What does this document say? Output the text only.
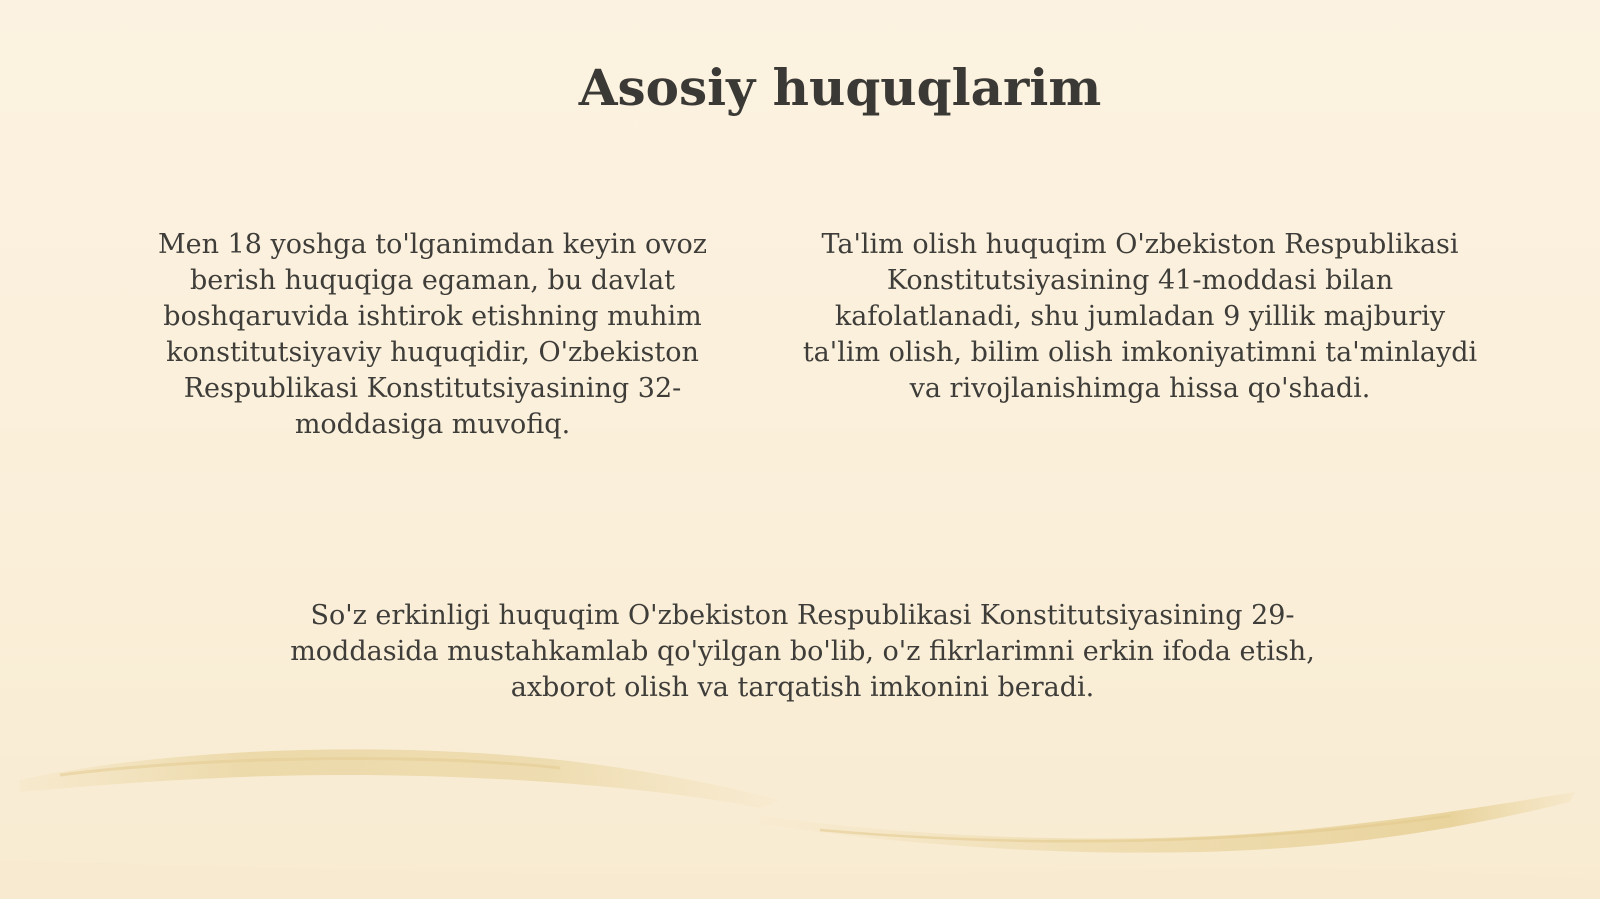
Asosiy huquqlarim

Men 18 yoshga to'lganimdan keyin ovoz berish huquqiga egaman, bu davlat boshqaruvida ishtirok etishning muhim konstitutsiyaviy huquqidir, O'zbekiston Respublikasi Konstitutsiyasining 32-moddasiga muvofiq.

Ta'lim olish huquqim O'zbekiston Respublikasi Konstitutsiyasining 41-moddasi bilan kafolatlanadi, shu jumladan 9 yillik majburiy ta'lim olish, bilim olish imkoniyatimni ta'minlaydi va rivojlanishimga hissa qo'shadi.

So'z erkinligi huquqim O'zbekiston Respublikasi Konstitutsiyasining 29-moddasida mustahkamlab qo'yilgan bo'lib, o'z fikrlarimni erkin ifoda etish, axborot olish va tarqatish imkonini beradi.
